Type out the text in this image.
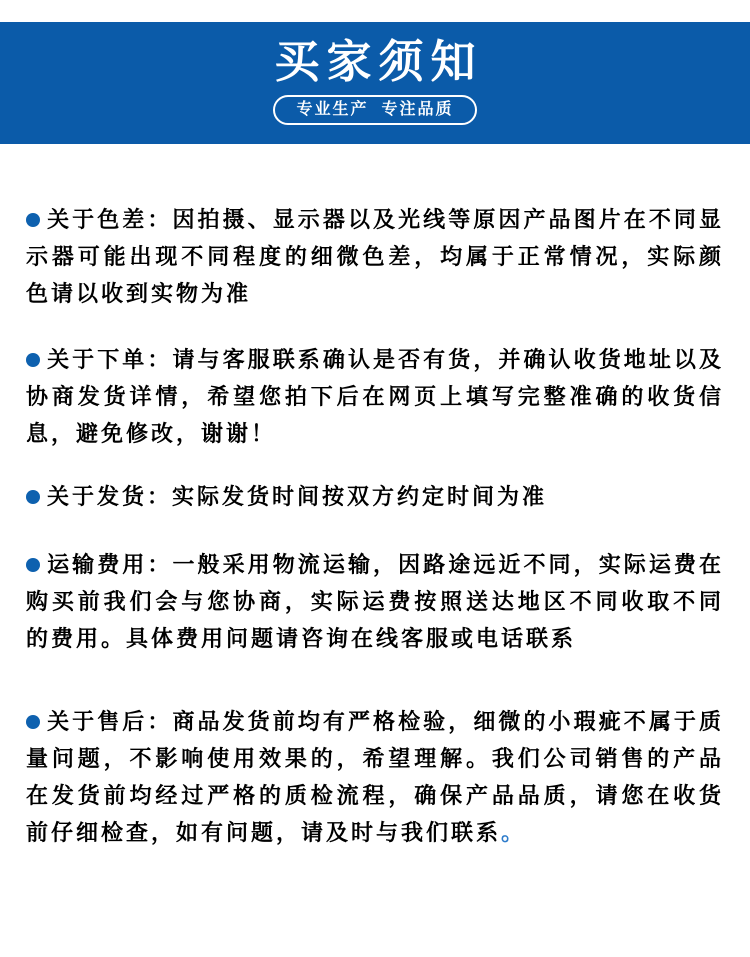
买家须知
专业生产  专注品质

关于色差：因拍摄、显示器以及光线等原因产品图片在不同显示器可能出现不同程度的细微色差，均属于正常情况，实际颜色请以收到实物为准

关于下单：请与客服联系确认是否有货，并确认收货地址以及协商发货详情，希望您拍下后在网页上填写完整准确的收货信息，避免修改，谢谢！

关于发货：实际发货时间按双方约定时间为准

运输费用：一般采用物流运输，因路途远近不同，实际运费在购买前我们会与您协商，实际运费按照送达地区不同收取不同的费用。具体费用问题请咨询在线客服或电话联系

关于售后：商品发货前均有严格检验，细微的小瑕疵不属于质量问题，不影响使用效果的，希望理解。我们公司销售的产品在发货前均经过严格的质检流程，确保产品品质，请您在收货前仔细检查，如有问题，请及时与我们联系。
